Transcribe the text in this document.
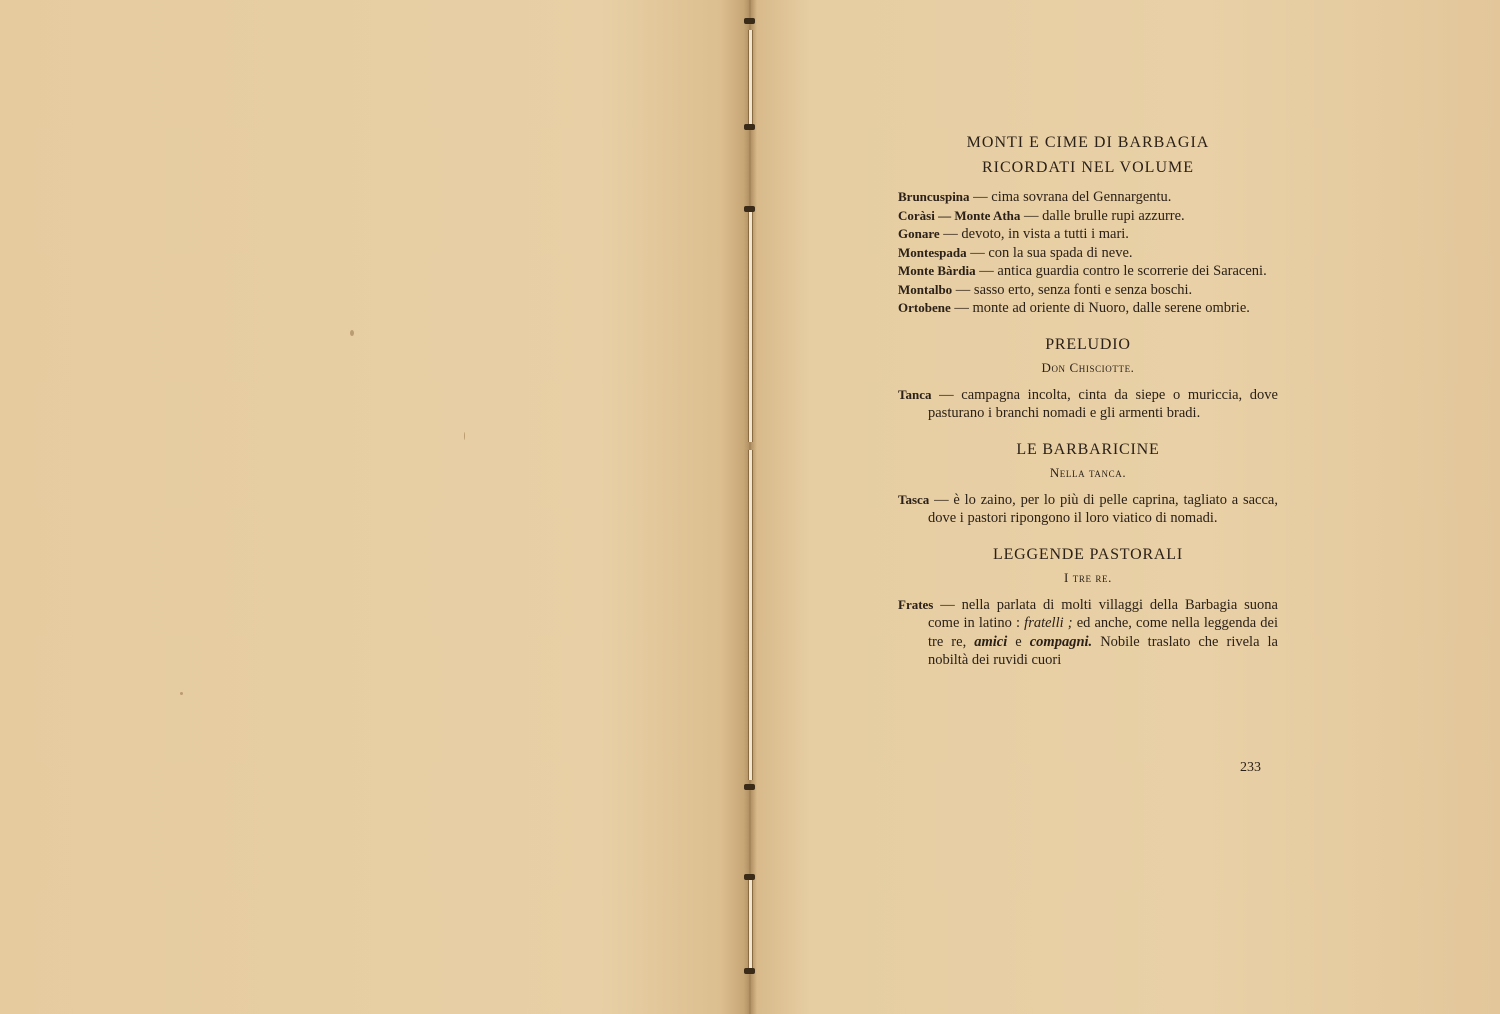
MONTI E CIME DI BARBAGIA
RICORDATI NEL VOLUME
Bruncuspina — cima sovrana del Gennargentu.
Coràsi — Monte Atha — dalle brulle rupi azzurre.
Gonare — devoto, in vista a tutti i mari.
Montespada — con la sua spada di neve.
Monte Bàrdia — antica guardia contro le scorrerie dei Saraceni.
Montalbo — sasso erto, senza fonti e senza boschi.
Ortobene — monte ad oriente di Nuoro, dalle serene ombrie.
PRELUDIO
Don Chisciotte.
Tanca — campagna incolta, cinta da siepe o muriccia, dove pasturano i branchi nomadi e gli armenti bradi.
LE BARBARICINE
Nella tanca.
Tasca — è lo zaino, per lo più di pelle caprina, tagliato a sacca, dove i pastori ripongono il loro viatico di nomadi.
LEGGENDE PASTORALI
I tre re.
Frates — nella parlata di molti villaggi della Barbagia suona come in latino : fratelli ; ed anche, come nella leggenda dei tre re, amici e compagni. Nobile traslato che rivela la nobiltà dei ruvidi cuori
233
